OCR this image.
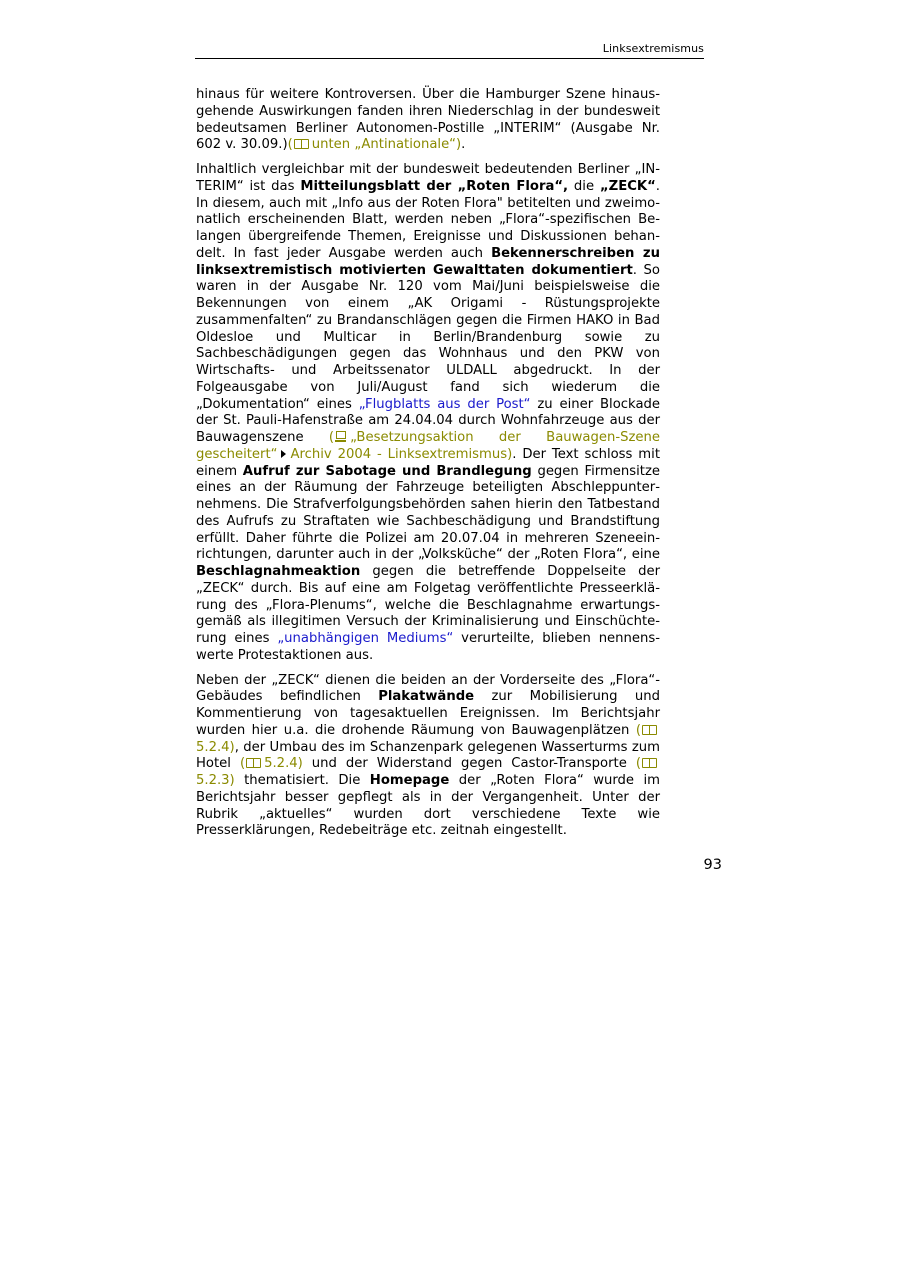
Linksextremismus

hinaus für weitere Kontroversen. Über die Hamburger Szene hinausgehende Auswirkungen fanden ihren Niederschlag in der bundesweit bedeutsamen Berliner Autonomen-Postille „INTERIM“ (Ausgabe Nr. 602 v. 30.09.)( unten „Antinationale“).

Inhaltlich vergleichbar mit der bundesweit bedeutenden Berliner „INTERIM“ ist das Mitteilungsblatt der „Roten Flora“, die „ZECK“. In diesem, auch mit „Info aus der Roten Flora" betitelten und zweimonatlich erscheinenden Blatt, werden neben „Flora“-spezifischen Belangen übergreifende Themen, Ereignisse und Diskussionen behandelt. In fast jeder Ausgabe werden auch Bekennerschreiben zu linksextremistisch motivierten Gewalttaten dokumentiert. So waren in der Ausgabe Nr. 120 vom Mai/Juni beispielsweise die Bekennungen von einem „AK Origami - Rüstungsprojekte zusammenfalten“ zu Brandanschlägen gegen die Firmen HAKO in Bad Oldesloe und Multicar in Berlin/Brandenburg sowie zu Sachbeschädigungen gegen das Wohnhaus und den PKW von Wirtschafts- und Arbeitssenator ULDALL abgedruckt. In der Folgeausgabe von Juli/August fand sich wiederum die „Dokumentation“ eines „Flugblatts aus der Post“ zu einer Blockade der St. Pauli-Hafenstraße am 24.04.04 durch Wohnfahrzeuge aus der Bauwagenszene ( „Besetzungsaktion der Bauwagen-Szene gescheitert“ Archiv 2004 - Linksextremismus). Der Text schloss mit einem Aufruf zur Sabotage und Brandlegung gegen Firmensitze eines an der Räumung der Fahrzeuge beteiligten Abschleppunternehmens. Die Strafverfolgungsbehörden sahen hierin den Tatbestand des Aufrufs zu Straftaten wie Sachbeschädigung und Brandstiftung erfüllt. Daher führte die Polizei am 20.07.04 in mehreren Szeneeinrichtungen, darunter auch in der „Volksküche“ der „Roten Flora“, eine Beschlagnahmeaktion gegen die betreffende Doppelseite der „ZECK“ durch. Bis auf eine am Folgetag veröffentlichte Presseerklärung des „Flora-Plenums“, welche die Beschlagnahme erwartungsgemäß als illegitimen Versuch der Kriminalisierung und Einschüchterung eines „unabhängigen Mediums“ verurteilte, blieben nennenswerte Protestaktionen aus.

Neben der „ZECK“ dienen die beiden an der Vorderseite des „Flora“-Gebäudes befindlichen Plakatwände zur Mobilisierung und Kommentierung von tagesaktuellen Ereignissen. Im Berichtsjahr wurden hier u.a. die drohende Räumung von Bauwagenplätzen (5.2.4), der Umbau des im Schanzenpark gelegenen Wasserturms zum Hotel ( 5.2.4) und der Widerstand gegen Castor-Transporte (5.2.3) thematisiert. Die Homepage der „Roten Flora“ wurde im Berichtsjahr besser gepflegt als in der Vergangenheit. Unter der Rubrik „aktuelles“ wurden dort verschiedene Texte wie Presserklärungen, Redebeiträge etc. zeitnah eingestellt.

93
